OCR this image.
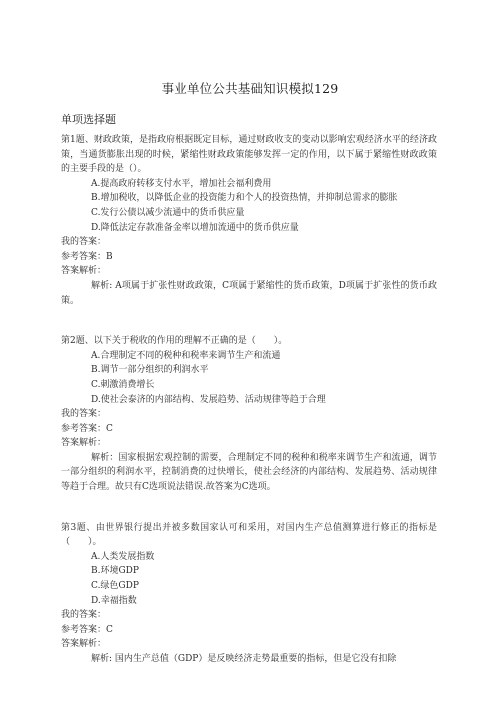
事业单位公共基础知识模拟129
单项选择题

第1题、财政政策，是指政府根据既定目标，通过财政收支的变动以影响宏观经济水平的经济政策，当通货膨胀出现的时候，紧缩性财政政策能够发挥一定的作用，以下属于紧缩性财政政策的主要手段的是（）。

A.提高政府转移支付水平，增加社会福利费用
B.增加税收，以降低企业的投资能力和个人的投资热情，并抑制总需求的膨胀
C.发行公债以减少流通中的货币供应量
D.降低法定存款准备金率以增加流通中的货币供应量

我的答案：

参考答案：B

答案解析：

解析: A项属于扩张性财政政策，C项属于紧缩性的货币政策，D项属于扩张性的货币政策。

第2题、以下关于税收的作用的理解不正确的是（　　）。

A.合理制定不同的税种和税率来调节生产和流通
B.调节一部分组织的利润水平
C.刺激消费增长
D.使社会泰济的内部结构、发展趋势、活动规律等趋于合理

我的答案：

参考答案：C

答案解析：

解析：国家根据宏观控制的需要，合理制定不同的税种和税率来调节生产和流通，调节一部分组织的利润水平，控制消费的过快增长，使社会经济的内部结构、发展趋势、活动规律等趋于合理。故只有C选项说法错误.故答案为C选项。

第3题、由世界银行提出并被多数国家认可和采用，对国内生产总值测算进行修正的指标是（　　）。

A.人类发展指数
B.环境GDP
C.绿色GDP
D.幸福指数

我的答案：

参考答案：C

答案解析：

解析: 国内生产总值（GDP）是反映经济走势最重要的指标，但是它没有扣除
